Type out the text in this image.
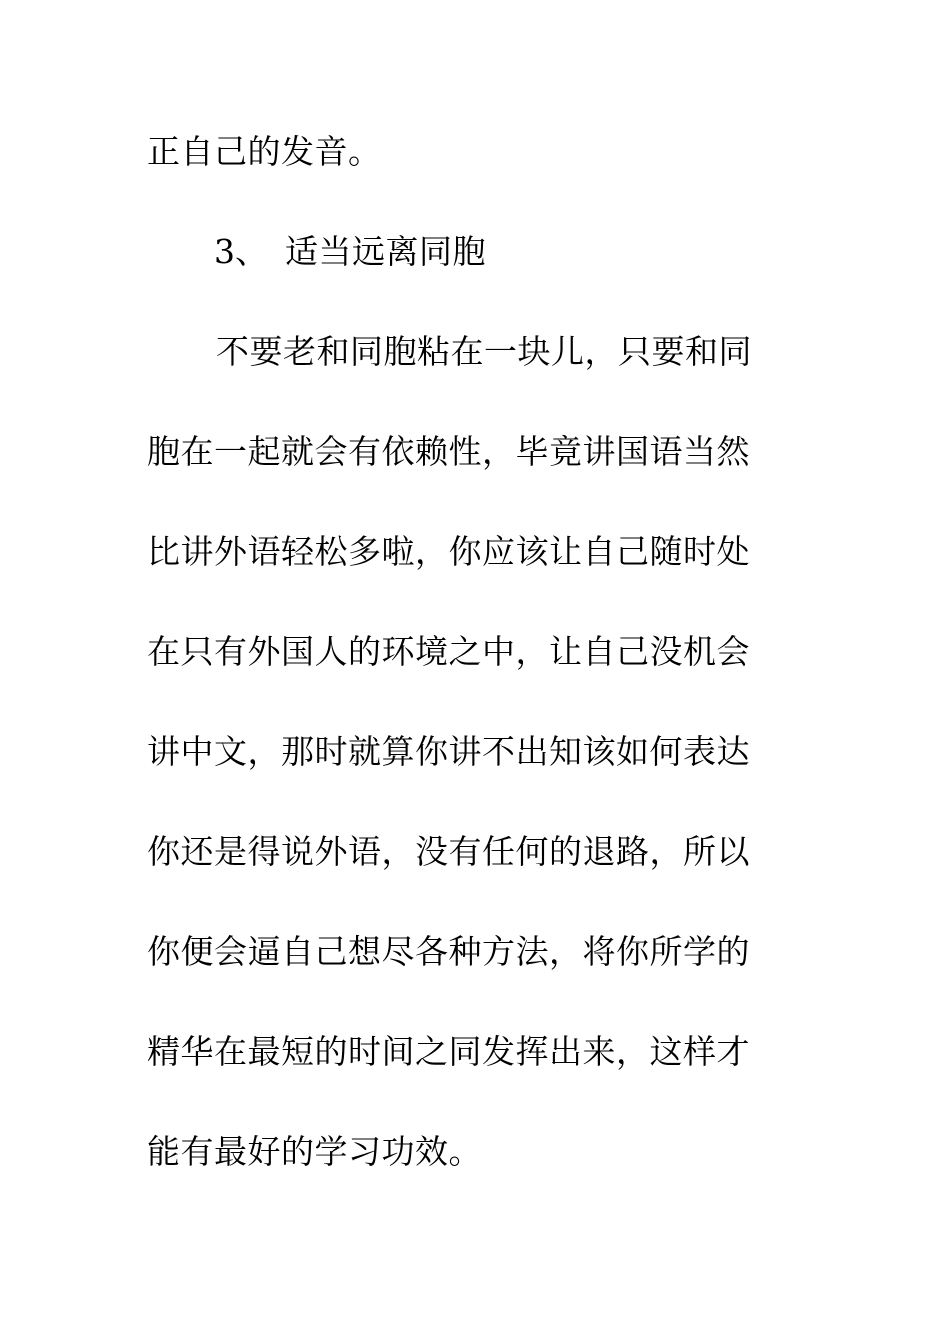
正自己的发音。
3、 适当远离同胞
不要老和同胞粘在一块儿，只要和同
胞在一起就会有依赖性，毕竟讲国语当然
比讲外语轻松多啦，你应该让自己随时处
在只有外国人的环境之中，让自己没机会
讲中文，那时就算你讲不出知该如何表达
你还是得说外语，没有任何的退路，所以
你便会逼自己想尽各种方法，将你所学的
精华在最短的时间之同发挥出来，这样才
能有最好的学习功效。
